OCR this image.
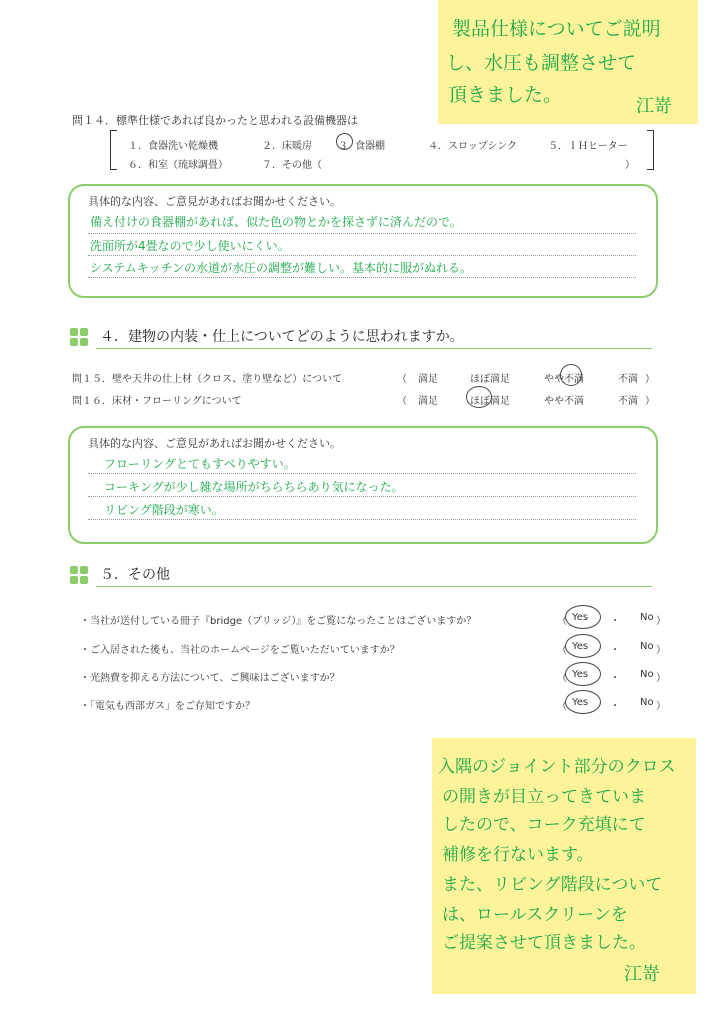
製品仕様についてご説明
し、水圧も調整させて
頂きました。
江嵜
問１４．標準仕様であれば良かったと思われる設備機器は
１．食器洗い乾燥機	２．床暖房	３ 食器棚	４．スロップシンク	５．ＩＨヒーター
６．和室（琉球調畳）	７．その他（	）
具体的な内容、ご意見があればお聞かせください。
備え付けの食器棚があれば、似た色の物とかを探さずに済んだので。
洗面所が4畳なので少し使いにくい。
システムキッチンの水道が水圧の調整が難しい。基本的に服がぬれる。
４．建物の内装・仕上についてどのように思われますか。
問１５．壁や天井の仕上材（クロス、塗り壁など）について	（ 満足	ほぼ満足	やや不満	不満 ）
問１６．床材・フローリングについて	（ 満足	ほぼ満足	やや不満	不満 ）
具体的な内容、ご意見があればお聞かせください。
フローリングとてもすべりやすい。
コーキングが少し雑な場所がちらちらあり気になった。
リビング階段が寒い。
５．その他
・当社が送付している冊子『bridge（ブリッジ）』をご覧になったことはございますか？	（ Yes ・ No ）
・ご入居された後も、当社のホームページをご覧いただいていますか？	（ Yes ・ No ）
・光熱費を抑える方法について、ご興味はございますか？	（ Yes ・ No ）
・「電気も西部ガス」をご存知ですか？	（ Yes ・ No ）
入隅のジョイント部分のクロス
の開きが目立ってきていま
したので、コーク充填にて
補修を行ないます。
また、リビング階段について
は、ロールスクリーンを
ご提案させて頂きました。
江嵜
